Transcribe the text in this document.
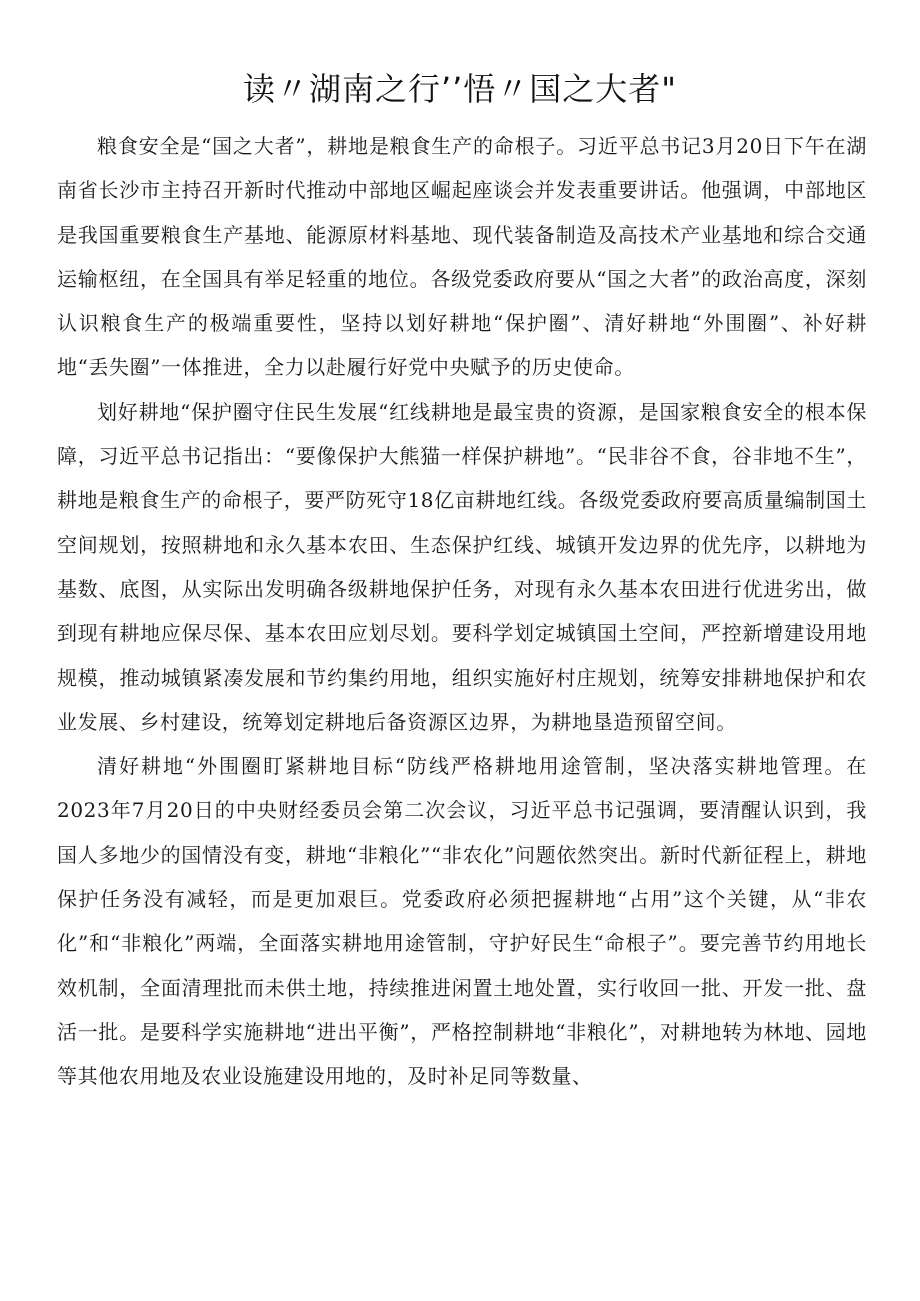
读〃湖南之行’’悟〃国之大者"

粮食安全是“国之大者”，耕地是粮食生产的命根子。习近平总书记3月20日下午在湖南省长沙市主持召开新时代推动中部地区崛起座谈会并发表重要讲话。他强调，中部地区是我国重要粮食生产基地、能源原材料基地、现代装备制造及高技术产业基地和综合交通运输枢纽，在全国具有举足轻重的地位。各级党委政府要从“国之大者”的政治高度，深刻认识粮食生产的极端重要性，坚持以划好耕地“保护圈”、清好耕地“外围圈”、补好耕地“丢失圈”一体推进，全力以赴履行好党中央赋予的历史使命。

划好耕地“保护圈守住民生发展“红线耕地是最宝贵的资源，是国家粮食安全的根本保障，习近平总书记指出：“要像保护大熊猫一样保护耕地”。“民非谷不食，谷非地不生”，耕地是粮食生产的命根子，要严防死守18亿亩耕地红线。各级党委政府要高质量编制国土空间规划，按照耕地和永久基本农田、生态保护红线、城镇开发边界的优先序，以耕地为基数、底图，从实际出发明确各级耕地保护任务，对现有永久基本农田进行优进劣出，做到现有耕地应保尽保、基本农田应划尽划。要科学划定城镇国土空间，严控新增建设用地规模，推动城镇紧凑发展和节约集约用地，组织实施好村庄规划，统筹安排耕地保护和农业发展、乡村建设，统筹划定耕地后备资源区边界，为耕地垦造预留空间。

清好耕地“外围圈盯紧耕地目标“防线严格耕地用途管制，坚决落实耕地管理。在2023年7月20日的中央财经委员会第二次会议，习近平总书记强调，要清醒认识到，我国人多地少的国情没有变，耕地“非粮化”“非农化”问题依然突出。新时代新征程上，耕地保护任务没有减轻，而是更加艰巨。党委政府必须把握耕地“占用”这个关键，从“非农化”和“非粮化”两端，全面落实耕地用途管制，守护好民生“命根子”。要完善节约用地长效机制，全面清理批而未供土地，持续推进闲置土地处置，实行收回一批、开发一批、盘活一批。是要科学实施耕地“进出平衡”，严格控制耕地“非粮化”，对耕地转为林地、园地等其他农用地及农业设施建设用地的，及时补足同等数量、
